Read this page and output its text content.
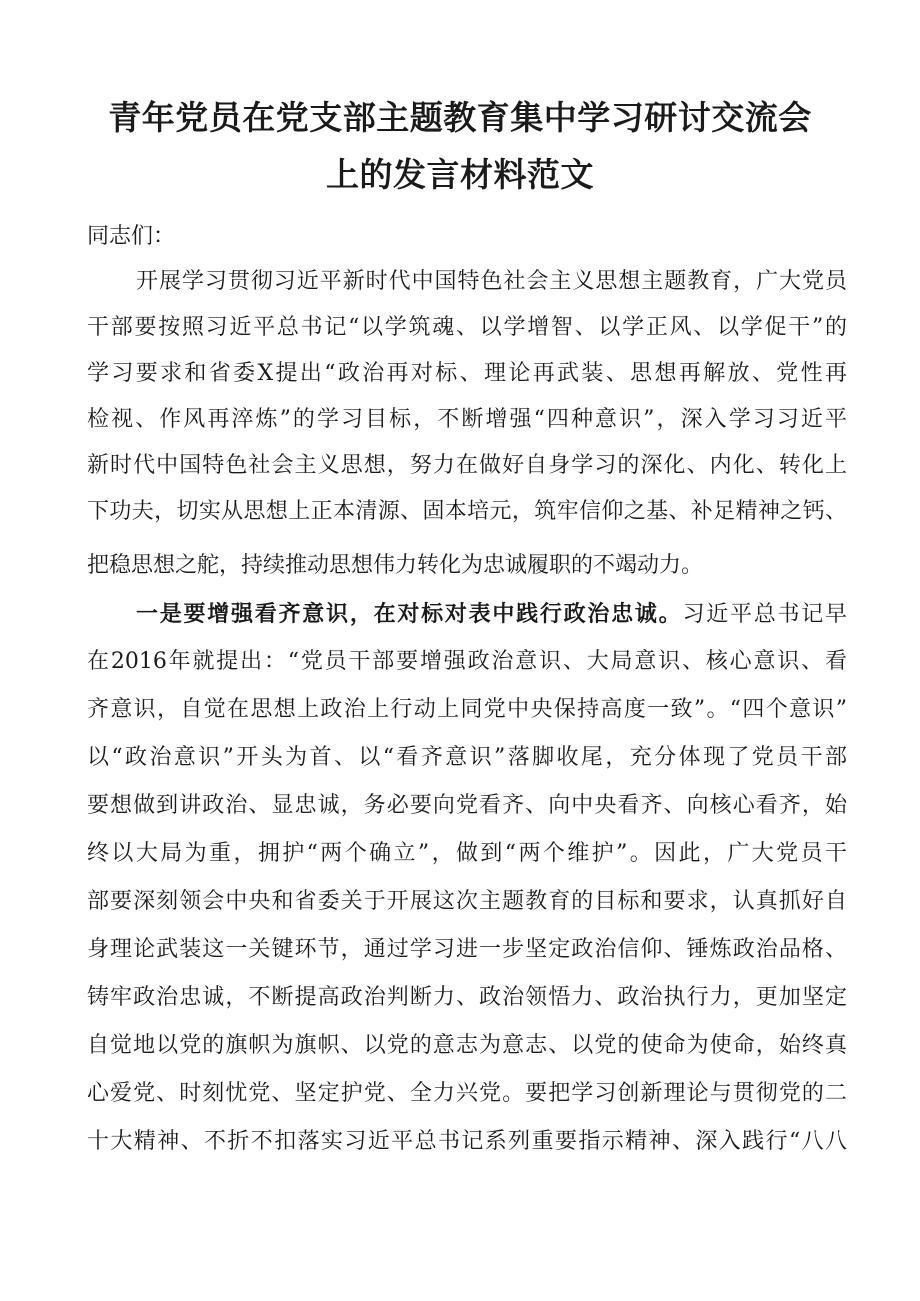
青年党员在党支部主题教育集中学习研讨交流会
上的发言材料范文

同志们：

开展学习贯彻习近平新时代中国特色社会主义思想主题教育，广大党员

干部要按照习近平总书记“以学筑魂、以学增智、以学正风、以学促干”的

学习要求和省委X提出“政治再对标、理论再武装、思想再解放、党性再

检视、作风再淬炼”的学习目标，不断增强“四种意识”，深入学习习近平

新时代中国特色社会主义思想，努力在做好自身学习的深化、内化、转化上

下功夫，切实从思想上正本清源、固本培元，筑牢信仰之基、补足精神之钙、

把稳思想之舵，持续推动思想伟力转化为忠诚履职的不竭动力。

一是要增强看齐意识，在对标对表中践行政治忠诚。习近平总书记早

在2016年就提出：“党员干部要增强政治意识、大局意识、核心意识、看

齐意识，自觉在思想上政治上行动上同党中央保持高度一致”。“四个意识”

以“政治意识”开头为首、以“看齐意识”落脚收尾，充分体现了党员干部

要想做到讲政治、显忠诚，务必要向党看齐、向中央看齐、向核心看齐，始

终以大局为重，拥护“两个确立”，做到“两个维护”。因此，广大党员干

部要深刻领会中央和省委关于开展这次主题教育的目标和要求，认真抓好自

身理论武装这一关键环节，通过学习进一步坚定政治信仰、锤炼政治品格、

铸牢政治忠诚，不断提高政治判断力、政治领悟力、政治执行力，更加坚定

自觉地以党的旗帜为旗帜、以党的意志为意志、以党的使命为使命，始终真

心爱党、时刻忧党、坚定护党、全力兴党。要把学习创新理论与贯彻党的二

十大精神、不折不扣落实习近平总书记系列重要指示精神、深入践行“八八
